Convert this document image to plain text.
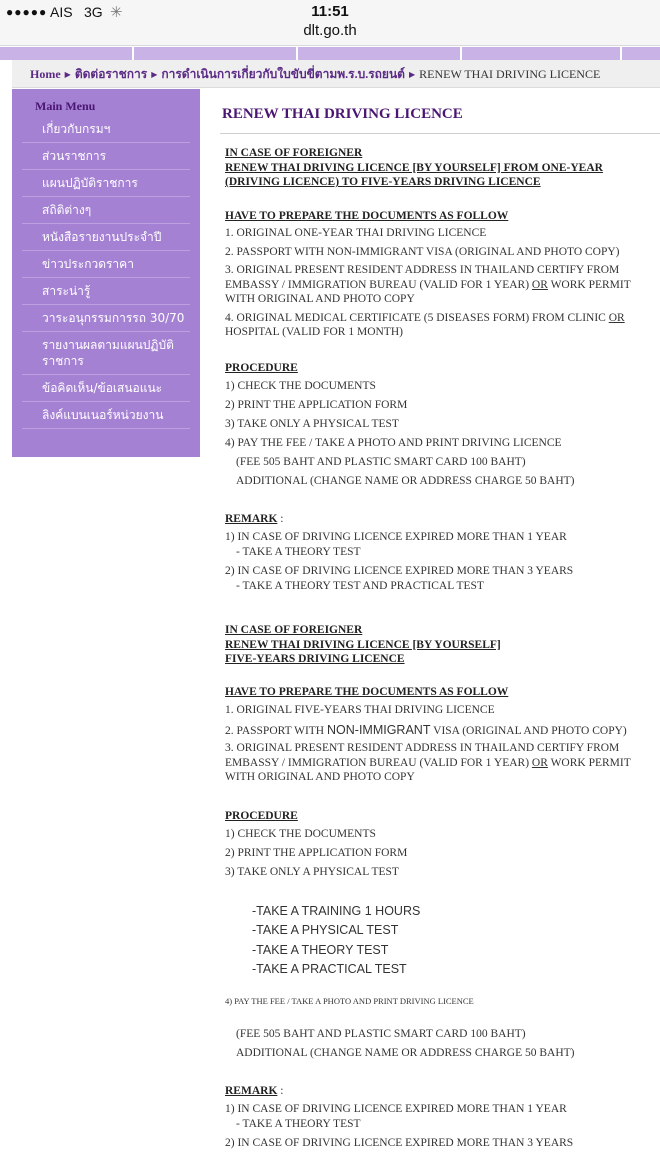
●●●●● AIS 3G ✳	11:51
dlt.go.th
Home ▶ ติดต่อราชการ ▶ การดำเนินการเกี่ยวกับใบขับขี่ตามพ.ร.บ.รถยนต์ ▶ RENEW THAI DRIVING LICENCE
Main Menu
เกี่ยวกับกรมฯ
ส่วนราชการ
แผนปฏิบัติราชการ
สถิติต่างๆ
หนังสือรายงานประจำปี
ข่าวประกวดราคา
สาระน่ารู้
วาระอนุกรรมการรถ 30/70
รายงานผลตามแผนปฏิบัติราชการ
ข้อคิดเห็น/ข้อเสนอแนะ
ลิงค์แบนเนอร์หน่วยงาน
RENEW THAI DRIVING LICENCE
IN CASE OF FOREIGNER
RENEW THAI DRIVING LICENCE [BY YOURSELF] FROM ONE-YEAR (DRIVING LICENCE) TO FIVE-YEARS DRIVING LICENCE
HAVE TO PREPARE THE DOCUMENTS AS FOLLOW
1. ORIGINAL ONE-YEAR THAI DRIVING LICENCE
2. PASSPORT WITH NON-IMMIGRANT VISA (ORIGINAL AND PHOTO COPY)
3. ORIGINAL PRESENT RESIDENT ADDRESS IN THAILAND CERTIFY FROM EMBASSY / IMMIGRATION BUREAU (VALID FOR 1 YEAR) OR WORK PERMIT WITH ORIGINAL AND PHOTO COPY
4. ORIGINAL MEDICAL CERTIFICATE (5 DISEASES FORM) FROM CLINIC OR HOSPITAL (VALID FOR 1 MONTH)
PROCEDURE
1) CHECK THE DOCUMENTS
2) PRINT THE APPLICATION FORM
3) TAKE ONLY A PHYSICAL TEST
4) PAY THE FEE / TAKE A PHOTO AND PRINT DRIVING LICENCE
(FEE 505 BAHT AND PLASTIC SMART CARD 100 BAHT)
ADDITIONAL (CHANGE NAME OR ADDRESS CHARGE 50 BAHT)
REMARK :
1) IN CASE OF DRIVING LICENCE EXPIRED MORE THAN 1 YEAR
- TAKE A THEORY TEST
2) IN CASE OF DRIVING LICENCE EXPIRED MORE THAN 3 YEARS
- TAKE A THEORY TEST AND PRACTICAL TEST
IN CASE OF FOREIGNER
RENEW THAI DRIVING LICENCE [BY YOURSELF]
FIVE-YEARS DRIVING LICENCE
HAVE TO PREPARE THE DOCUMENTS AS FOLLOW
1. ORIGINAL FIVE-YEARS THAI DRIVING LICENCE
2. PASSPORT WITH NON-IMMIGRANT VISA (ORIGINAL AND PHOTO COPY)
3. ORIGINAL PRESENT RESIDENT ADDRESS IN THAILAND CERTIFY FROM EMBASSY / IMMIGRATION BUREAU (VALID FOR 1 YEAR) OR WORK PERMIT WITH ORIGINAL AND PHOTO COPY
PROCEDURE
1) CHECK THE DOCUMENTS
2) PRINT THE APPLICATION FORM
3) TAKE ONLY A PHYSICAL TEST
-TAKE A TRAINING 1 HOURS
-TAKE A PHYSICAL TEST
-TAKE A THEORY TEST
-TAKE A PRACTICAL TEST
4) PAY THE FEE / TAKE A PHOTO AND PRINT DRIVING LICENCE
(FEE 505 BAHT AND PLASTIC SMART CARD 100 BAHT)
ADDITIONAL (CHANGE NAME OR ADDRESS CHARGE 50 BAHT)
REMARK :
1) IN CASE OF DRIVING LICENCE EXPIRED MORE THAN 1 YEAR
- TAKE A THEORY TEST
2) IN CASE OF DRIVING LICENCE EXPIRED MORE THAN 3 YEARS
